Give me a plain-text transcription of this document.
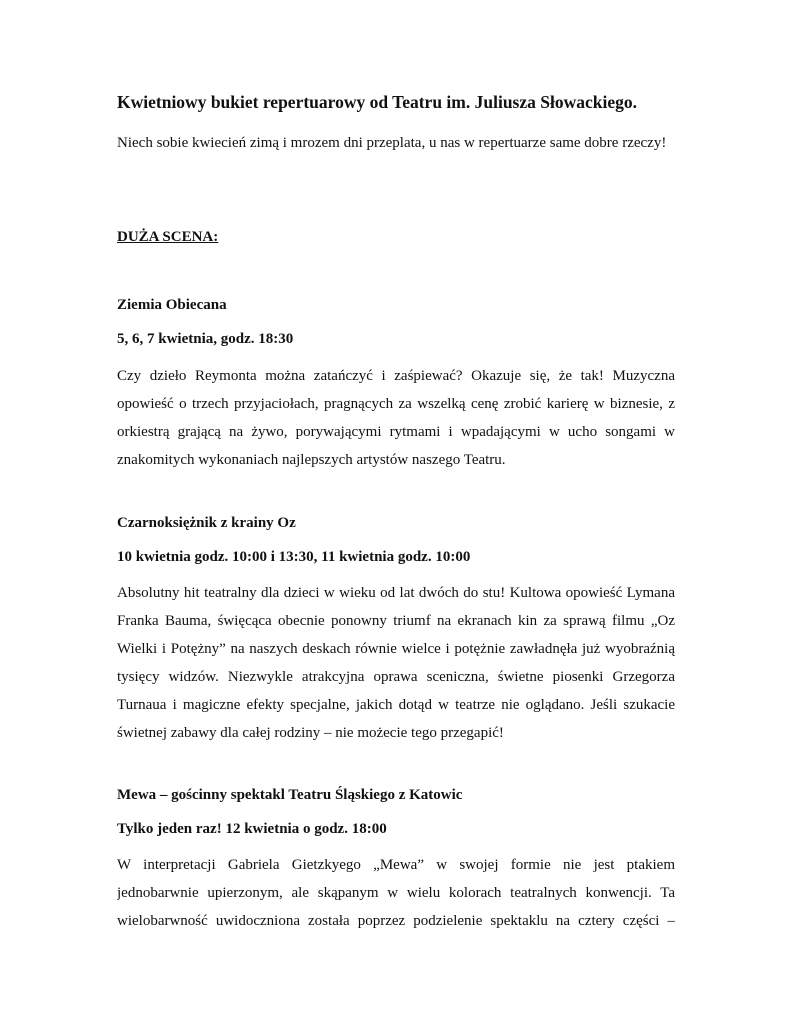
Kwietniowy bukiet repertuarowy od Teatru im. Juliusza Słowackiego.

Niech sobie kwiecień zimą i mrozem dni przeplata, u nas w repertuarze same dobre rzeczy!

DUŻA SCENA:

Ziemia Obiecana

5, 6, 7 kwietnia, godz. 18:30

Czy dzieło Reymonta można zatańczyć i zaśpiewać? Okazuje się, że tak! Muzyczna opowieść o trzech przyjaciołach, pragnących za wszelką cenę zrobić karierę w biznesie, z orkiestrą grającą na żywo, porywającymi rytmami i wpadającymi w ucho songami w znakomitych wykonaniach najlepszych artystów naszego Teatru.

Czarnoksiężnik z krainy Oz

10 kwietnia godz. 10:00 i 13:30, 11 kwietnia godz. 10:00

Absolutny hit teatralny dla dzieci w wieku od lat dwóch do stu! Kultowa opowieść Lymana Franka Bauma, święcąca obecnie ponowny triumf na ekranach kin za sprawą filmu „Oz Wielki i Potężny” na naszych deskach równie wielce i potężnie zawładnęła już wyobraźnią tysięcy widzów. Niezwykle atrakcyjna oprawa sceniczna, świetne piosenki Grzegorza Turnaua i magiczne efekty specjalne, jakich dotąd w teatrze nie oglądano. Jeśli szukacie świetnej zabawy dla całej rodziny – nie możecie tego przegapić!

Mewa – gościnny spektakl Teatru Śląskiego z Katowic

Tylko jeden raz! 12 kwietnia o godz. 18:00

W interpretacji Gabriela Gietzkyego „Mewa” w swojej formie nie jest ptakiem jednobarwnie upierzonym, ale skąpanym w wielu kolorach teatralnych konwencji. Ta wielobarwność uwidoczniona została poprzez podzielenie spektaklu na cztery części –
